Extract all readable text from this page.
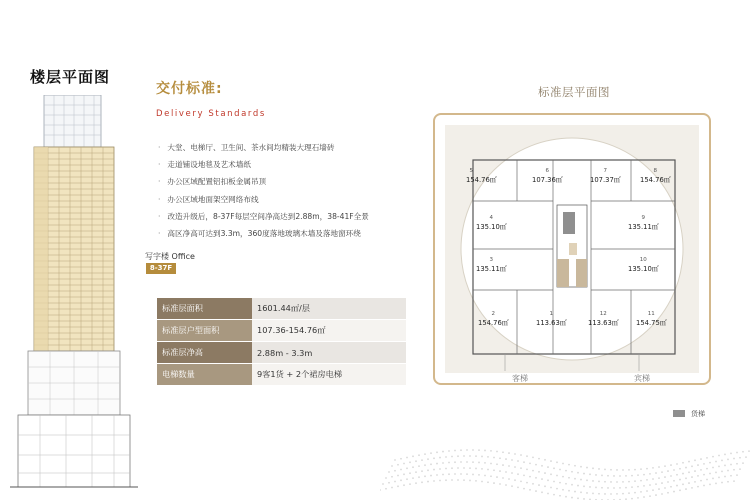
楼层平面图
写字楼 Office
8-37F
交付标准:
Delivery Standards
· 大堂、电梯厅、卫生间、茶水间均精装大理石墙砖
· 走道铺设地毯及艺术墙纸
· 办公区域配置铝扣板金属吊顶
· 办公区域地面架空网络布线
· 改造升级后，8-37F每层空间净高达到2.88m，38-41F全景
· 高区净高可达到3.3m，360度落地玻璃木墙及落地窗环绕
标准层面积	1601.44㎡/层
标准层户型面积	107.36-154.76㎡
标准层净高	2.88m - 3.3m
电梯数量	9客1货 + 2个裙房电梯
标准层平面图
5
154.76㎡
6
107.36㎡
7
107.37㎡
8
154.76㎡
4
135.10㎡
9
135.11㎡
3
135.11㎡
10
135.10㎡
2
154.76㎡
1
113.63㎡
12
113.63㎡
11
154.75㎡
客梯	宾梯
货梯
